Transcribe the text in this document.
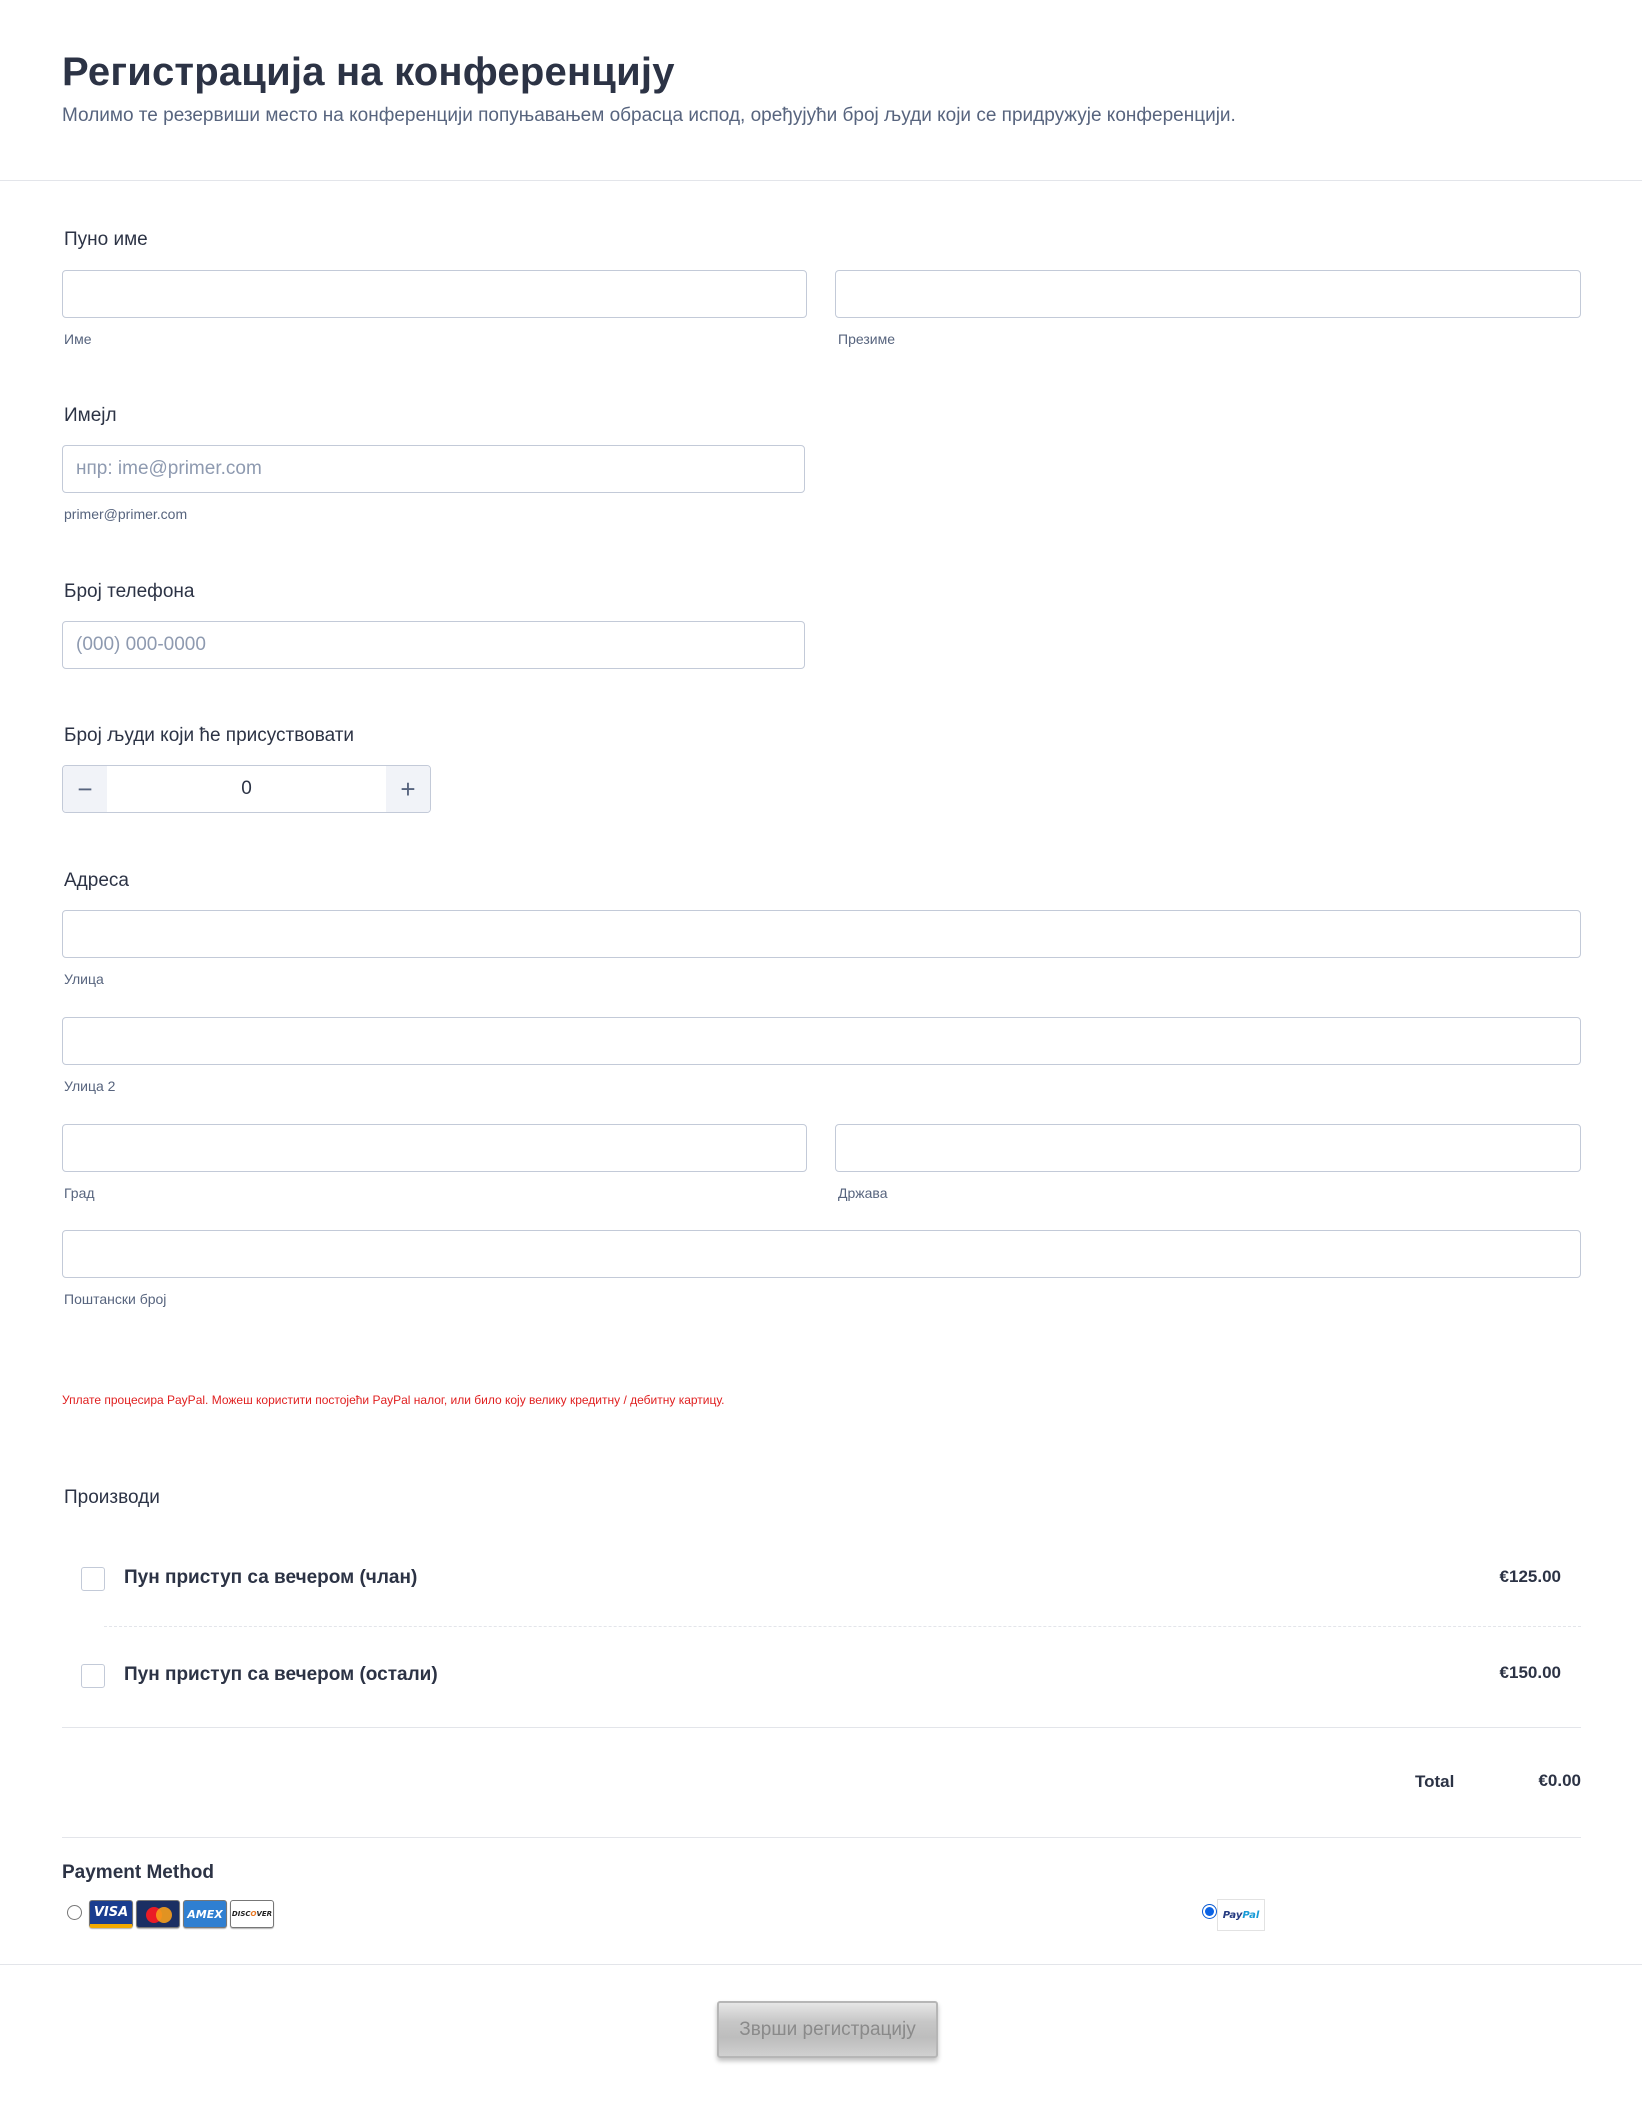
Регистрација на конференцију
Молимо те резервиши место на конференцији попуњавањем обрасца испод, оређујући број људи који се придружује конференцији.
Пуно име
Име	Презиме
Имејл
нпр: ime@primer.com
primer@primer.com
Број телефона
(000) 000-0000
Број људи који ће присуствовати
−	0	+
Адреса
Улица
Улица 2
Град	Држава
Поштански број
Уплате процесира PayPal. Можеш користити постојећи PayPal налог, или било коју велику кредитну / дебитну картицу.
Производи
Пун приступ са вечером (члан)	€125.00
Пун приступ са вечером (остали)	€150.00
Total	€0.00
Payment Method
VISA	AMEX	DISC O VER	Pay Pal
Зврши регистрацију
